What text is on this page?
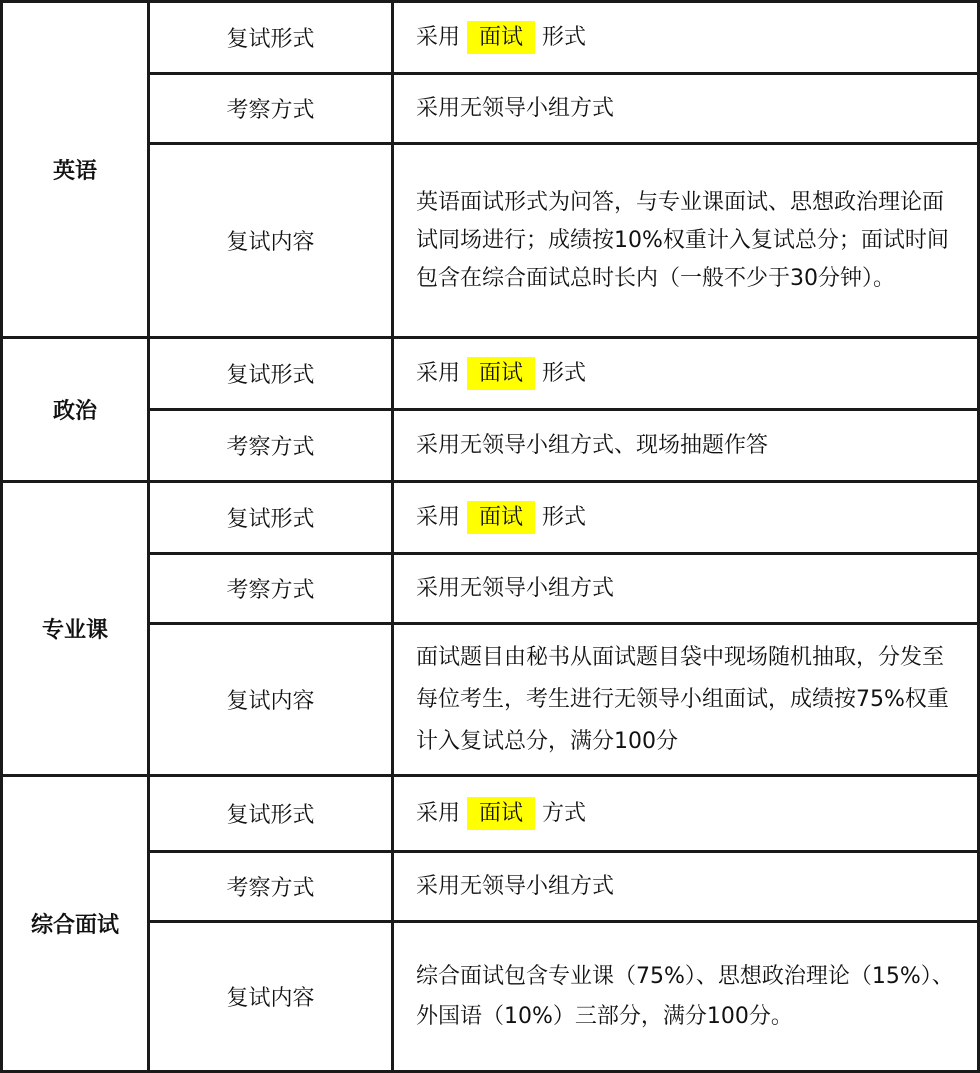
英语	复试形式	采用 面试 形式
	考察方式	采用无领导小组方式
	复试内容	英语面试形式为问答，与专业课面试、思想政治理论面试同场进行；成绩按10%权重计入复试总分；面试时间包含在综合面试总时长内（一般不少于30分钟）。
政治	复试形式	采用 面试 形式
	考察方式	采用无领导小组方式、现场抽题作答
专业课	复试形式	采用 面试 形式
	考察方式	采用无领导小组方式
	复试内容	面试题目由秘书从面试题目袋中现场随机抽取，分发至每位考生，考生进行无领导小组面试，成绩按75%权重计入复试总分，满分100分
综合面试	复试形式	采用 面试 方式
	考察方式	采用无领导小组方式
	复试内容	综合面试包含专业课（75%）、思想政治理论（15%）、外国语（10%）三部分，满分100分。
